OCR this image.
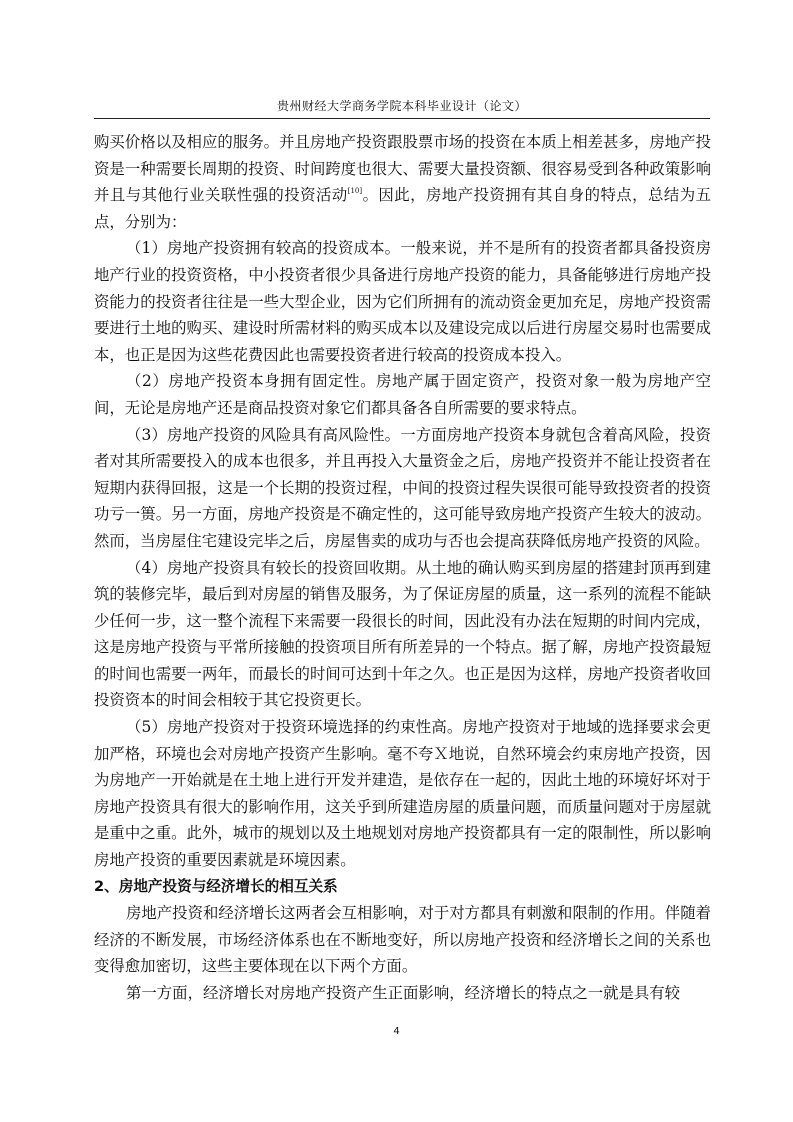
贵州财经大学商务学院本科毕业设计（论文）

购买价格以及相应的服务。并且房地产投资跟股票市场的投资在本质上相差甚多，房地产投资是一种需要长周期的投资、时间跨度也很大、需要大量投资额、很容易受到各种政策影响并且与其他行业关联性强的投资活动[10]。因此，房地产投资拥有其自身的特点，总结为五点，分别为：

（1）房地产投资拥有较高的投资成本。一般来说，并不是所有的投资者都具备投资房地产行业的投资资格，中小投资者很少具备进行房地产投资的能力，具备能够进行房地产投资能力的投资者往往是一些大型企业，因为它们所拥有的流动资金更加充足，房地产投资需要进行土地的购买、建设时所需材料的购买成本以及建设完成以后进行房屋交易时也需要成本，也正是因为这些花费因此也需要投资者进行较高的投资成本投入。

（2）房地产投资本身拥有固定性。房地产属于固定资产，投资对象一般为房地产空间，无论是房地产还是商品投资对象它们都具备各自所需要的要求特点。

（3）房地产投资的风险具有高风险性。一方面房地产投资本身就包含着高风险，投资者对其所需要投入的成本也很多，并且再投入大量资金之后，房地产投资并不能让投资者在短期内获得回报，这是一个长期的投资过程，中间的投资过程失误很可能导致投资者的投资功亏一篑。另一方面，房地产投资是不确定性的，这可能导致房地产投资产生较大的波动。然而，当房屋住宅建设完毕之后，房屋售卖的成功与否也会提高获降低房地产投资的风险。

（4）房地产投资具有较长的投资回收期。从土地的确认购买到房屋的搭建封顶再到建筑的装修完毕，最后到对房屋的销售及服务，为了保证房屋的质量，这一系列的流程不能缺少任何一步，这一整个流程下来需要一段很长的时间，因此没有办法在短期的时间内完成，这是房地产投资与平常所接触的投资项目所有所差异的一个特点。据了解，房地产投资最短的时间也需要一两年，而最长的时间可达到十年之久。也正是因为这样，房地产投资者收回投资资本的时间会相较于其它投资更长。

（5）房地产投资对于投资环境选择的约束性高。房地产投资对于地域的选择要求会更加严格，环境也会对房地产投资产生影响。毫不夸Ｘ地说，自然环境会约束房地产投资，因为房地产一开始就是在土地上进行开发并建造，是依存在一起的，因此土地的环境好坏对于房地产投资具有很大的影响作用，这关乎到所建造房屋的质量问题，而质量问题对于房屋就是重中之重。此外，城市的规划以及土地规划对房地产投资都具有一定的限制性，所以影响房地产投资的重要因素就是环境因素。

2、房地产投资与经济增长的相互关系

房地产投资和经济增长这两者会互相影响，对于对方都具有刺激和限制的作用。伴随着经济的不断发展，市场经济体系也在不断地变好，所以房地产投资和经济增长之间的关系也变得愈加密切，这些主要体现在以下两个方面。

第一方面，经济增长对房地产投资产生正面影响，经济增长的特点之一就是具有较

4
